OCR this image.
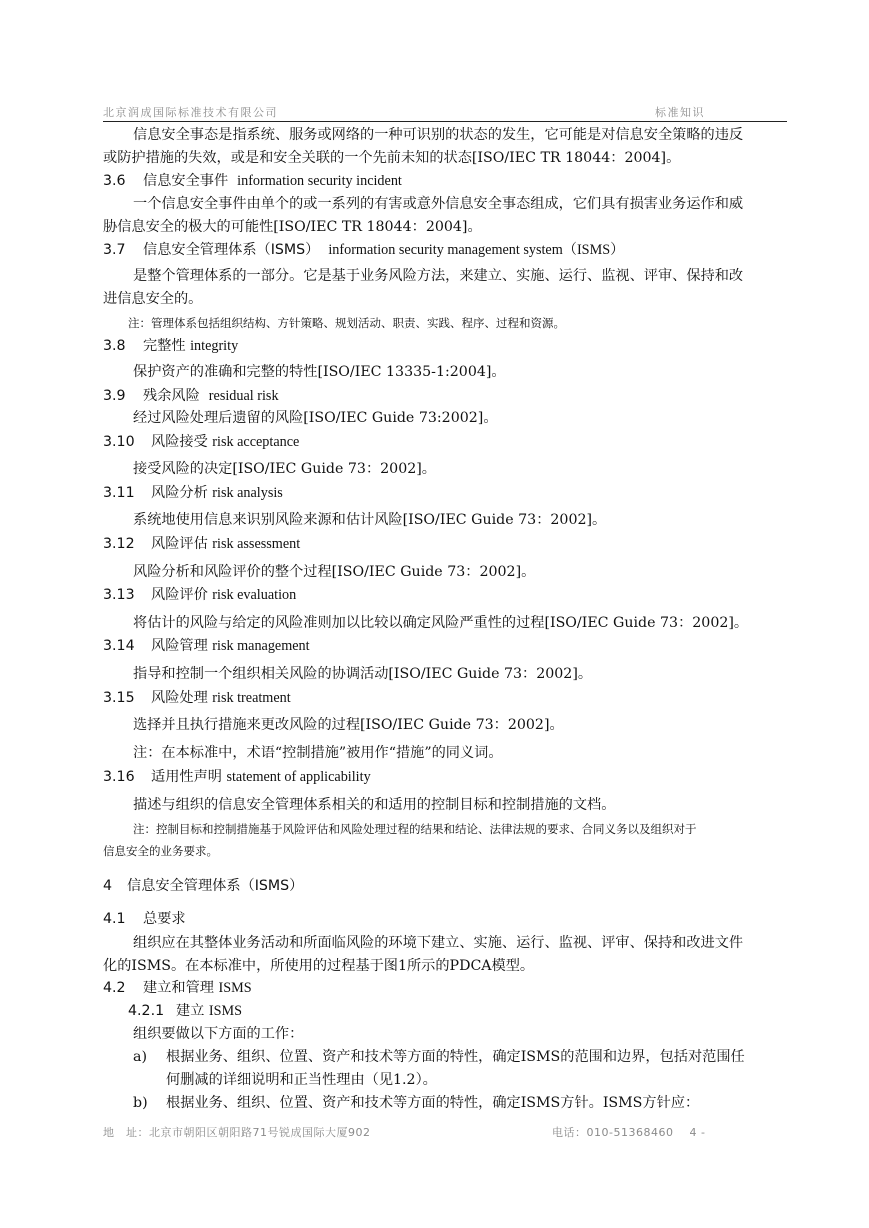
北京润成国际标准技术有限公司	标准知识
信息安全事态是指系统、服务或网络的一种可识别的状态的发生，它可能是对信息安全策略的违反
或防护措施的失效，或是和安全关联的一个先前未知的状态[ISO/IEC TR 18044：2004]。
3.6 信息安全事件 information security incident
一个信息安全事件由单个的或一系列的有害或意外信息安全事态组成，它们具有损害业务运作和威
胁信息安全的极大的可能性[ISO/IEC TR 18044：2004]。
3.7 信息安全管理体系（ISMS） information security management system（ISMS）
是整个管理体系的一部分。它是基于业务风险方法，来建立、实施、运行、监视、评审、保持和改
进信息安全的。
注：管理体系包括组织结构、方针策略、规划活动、职责、实践、程序、过程和资源。
3.8 完整性 integrity
保护资产的准确和完整的特性[ISO/IEC 13335-1:2004]。
3.9 残余风险 residual risk
经过风险处理后遗留的风险[ISO/IEC Guide 73:2002]。
3.10 风险接受 risk acceptance
接受风险的决定[ISO/IEC Guide 73：2002]。
3.11 风险分析 risk analysis
系统地使用信息来识别风险来源和估计风险[ISO/IEC Guide 73：2002]。
3.12 风险评估 risk assessment
风险分析和风险评价的整个过程[ISO/IEC Guide 73：2002]。
3.13 风险评价 risk evaluation
将估计的风险与给定的风险准则加以比较以确定风险严重性的过程[ISO/IEC Guide 73：2002]。
3.14 风险管理 risk management
指导和控制一个组织相关风险的协调活动[ISO/IEC Guide 73：2002]。
3.15 风险处理 risk treatment
选择并且执行措施来更改风险的过程[ISO/IEC Guide 73：2002]。
注：在本标准中，术语“控制措施”被用作“措施”的同义词。
3.16 适用性声明 statement of applicability
描述与组织的信息安全管理体系相关的和适用的控制目标和控制措施的文档。
注：控制目标和控制措施基于风险评估和风险处理过程的结果和结论、法律法规的要求、合同义务以及组织对于
信息安全的业务要求。
4 信息安全管理体系（ISMS）
4.1 总要求
组织应在其整体业务活动和所面临风险的环境下建立、实施、运行、监视、评审、保持和改进文件
化的ISMS。在本标准中，所使用的过程基于图1所示的PDCA模型。
4.2 建立和管理 ISMS
4.2.1 建立 ISMS
组织要做以下方面的工作：
a) 根据业务、组织、位置、资产和技术等方面的特性，确定ISMS的范围和边界，包括对范围任
何删减的详细说明和正当性理由（见1.2）。
b) 根据业务、组织、位置、资产和技术等方面的特性，确定ISMS方针。ISMS方针应：
地　址：北京市朝阳区朝阳路71号锐成国际大厦902	电话：010-51368460 4 -
